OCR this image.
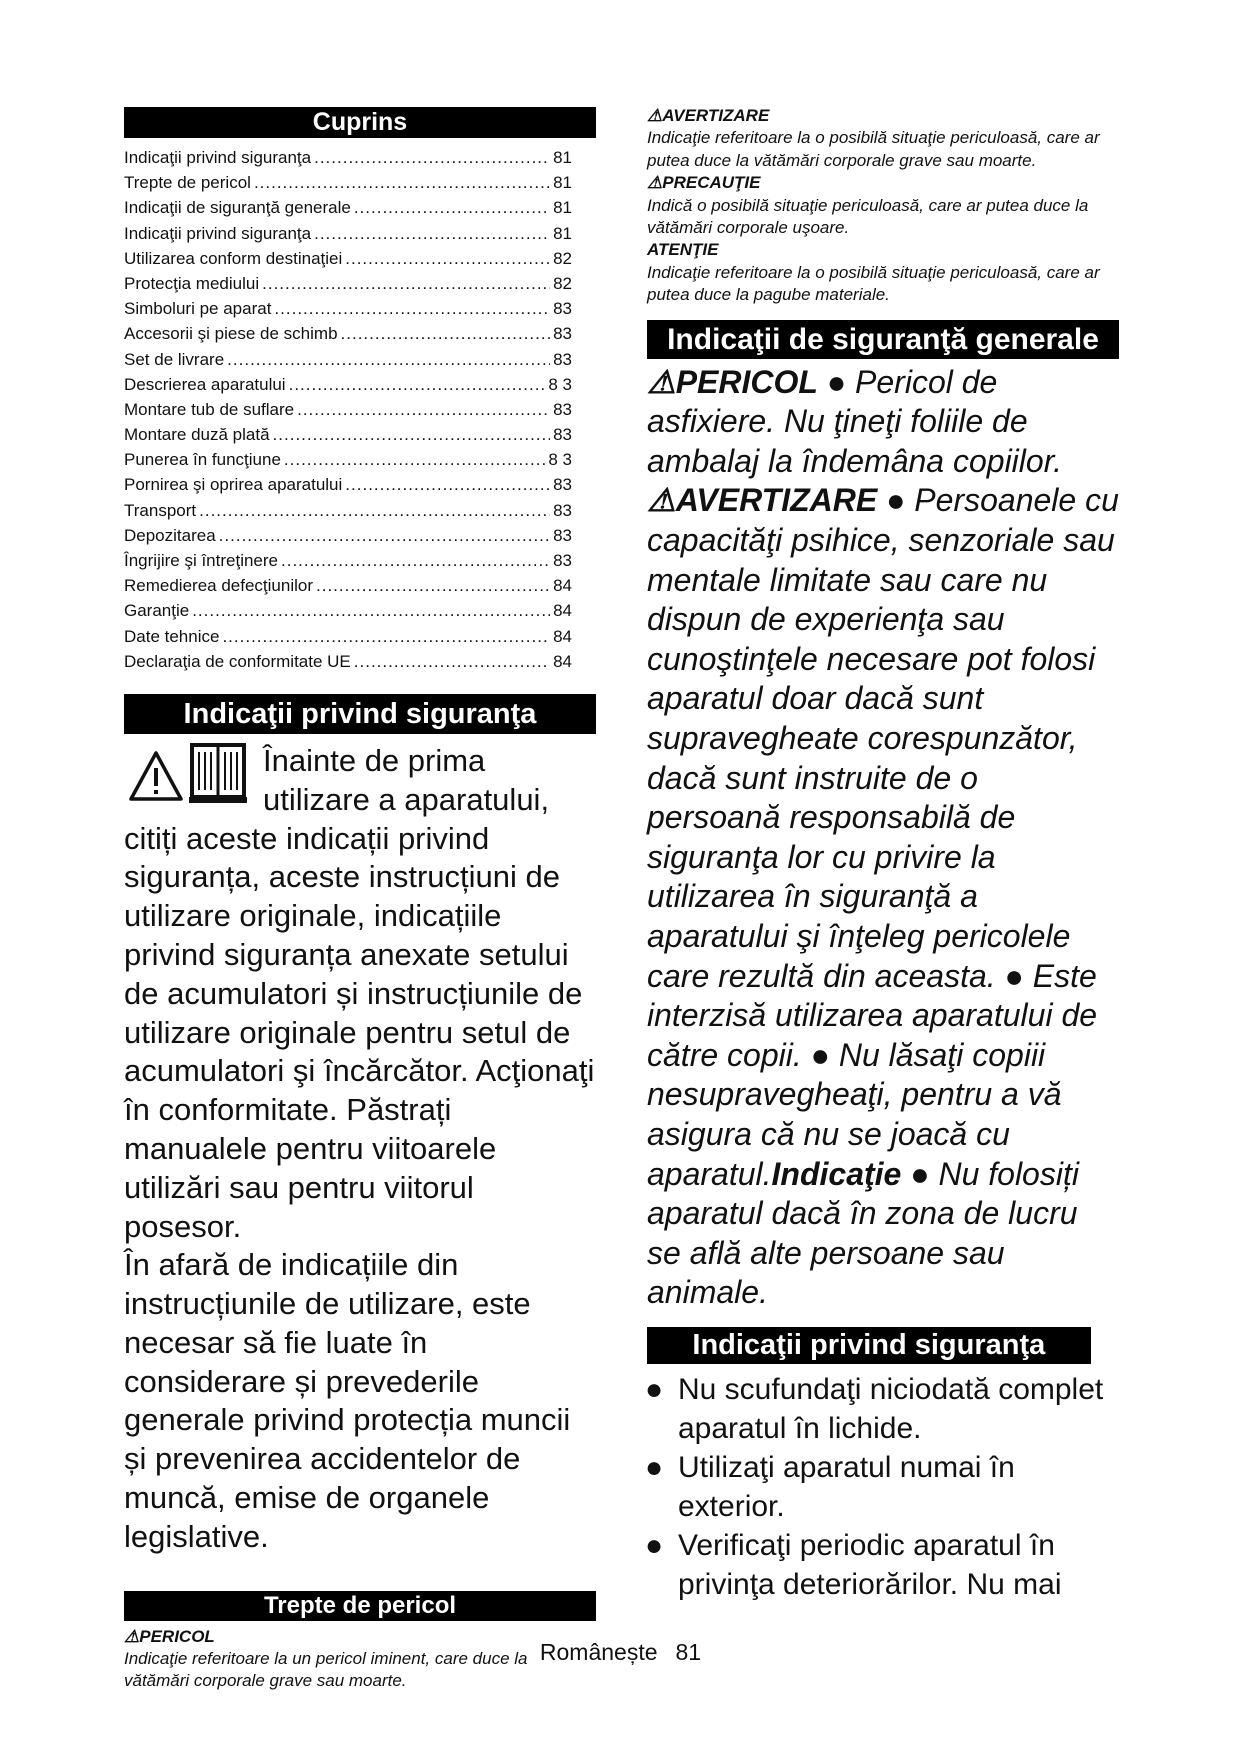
Cuprins
Indicaţii privind siguranţa .....	81
Trepte de pericol .....	81
Indicaţii de siguranţă generale .....	81
Indicaţii privind siguranţa .....	81
Utilizarea conform destinaţiei .....	82
Protecţia mediului .....	82
Simboluri pe aparat .....	83
Accesorii şi piese de schimb .....	83
Set de livrare .....	83
Descrierea aparatului .....	8 3
Montare tub de suflare .....	83
Montare duză plată .....	83
Punerea în funcţiune .....	8 3
Pornirea şi oprirea aparatului .....	83
Transport .....	83
Depozitarea .....	83
Îngrijire şi întreţinere .....	83
Remedierea defecţiunilor .....	84
Garanţie .....	84
Date tehnice .....	84
Declaraţia de conformitate UE .....	84
Indicaţii privind siguranţa

Înainte de prima utilizare a aparatului, citiți aceste indicații privind siguranța, aceste instrucțiuni de utilizare originale, indicațiile privind siguranța anexate setului de acumulatori și instrucțiunile de utilizare originale pentru setul de acumulatori şi încărcător. Acţionaţi în conformitate. Păstrați manualele pentru viitoarele utilizări sau pentru viitorul posesor.

În afară de indicațiile din instrucțiunile de utilizare, este necesar să fie luate în considerare și prevederile generale privind protecția muncii și prevenirea accidentelor de muncă, emise de organele legislative.

Trepte de pericol
⚠PERICOL
Indicaţie referitoare la un pericol iminent, care duce la vătămări corporale grave sau moarte.
⚠AVERTIZARE
Indicaţie referitoare la o posibilă situaţie periculoasă, care ar putea duce la vătămări corporale grave sau moarte.
⚠PRECAUŢIE
Indică o posibilă situaţie periculoasă, care ar putea duce la vătămări corporale uşoare.
ATENŢIE
Indicaţie referitoare la o posibilă situaţie periculoasă, care ar putea duce la pagube materiale.
Indicaţii de siguranţă generale
⚠PERICOL ● Pericol de asfixiere. Nu ţineţi foliile de ambalaj la îndemâna copiilor. ⚠AVERTIZARE ● Persoanele cu capacităţi psihice, senzoriale sau mentale limitate sau care nu dispun de experienţa sau cunoştinţele necesare pot folosi aparatul doar dacă sunt supravegheate corespunzător, dacă sunt instruite de o persoană responsabilă de siguranţa lor cu privire la utilizarea în siguranţă a aparatului şi înţeleg pericolele care rezultă din aceasta. ● Este interzisă utilizarea aparatului de către copii. ● Nu lăsaţi copiii nesupravegheaţi, pentru a vă asigura că nu se joacă cu aparatul.Indicaţie ● Nu folosiți aparatul dacă în zona de lucru se află alte persoane sau animale.
Indicaţii privind siguranţa
● Nu scufundaţi niciodată complet aparatul în lichide.
● Utilizaţi aparatul numai în exterior.
● Verificaţi periodic aparatul în privinţa deteriorărilor. Nu mai
Românește 81
